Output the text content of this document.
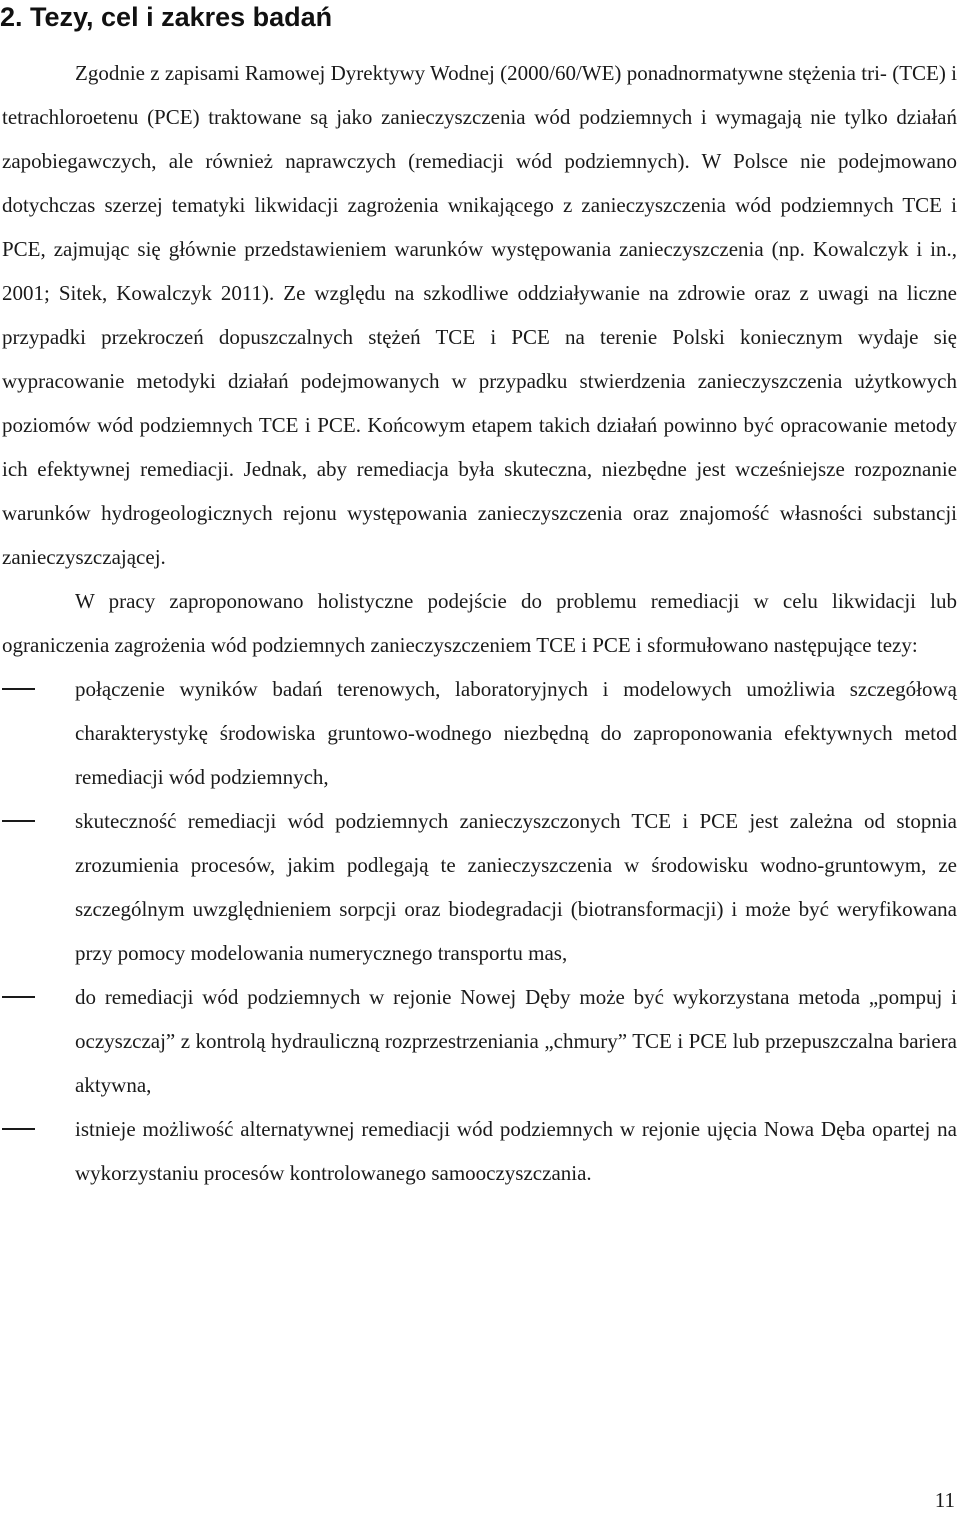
2. Tezy, cel i zakres badań

Zgodnie z zapisami Ramowej Dyrektywy Wodnej (2000/60/WE) ponadnormatywne stężenia tri- (TCE) i tetrachloroetenu (PCE) traktowane są jako zanieczyszczenia wód podziemnych i wymagają nie tylko działań zapobiegawczych, ale również naprawczych (remediacji wód podziemnych). W Polsce nie podejmowano dotychczas szerzej tematyki likwidacji zagrożenia wnikającego z zanieczyszczenia wód podziemnych TCE i PCE, zajmując się głównie przedstawieniem warunków występowania zanieczyszczenia (np. Kowalczyk i in., 2001; Sitek, Kowalczyk 2011). Ze względu na szkodliwe oddziaływanie na zdrowie oraz z uwagi na liczne przypadki przekroczeń dopuszczalnych stężeń TCE i PCE na terenie Polski koniecznym wydaje się wypracowanie metodyki działań podejmowanych w przypadku stwierdzenia zanieczyszczenia użytkowych poziomów wód podziemnych TCE i PCE. Końcowym etapem takich działań powinno być opracowanie metody ich efektywnej remediacji. Jednak, aby remediacja była skuteczna, niezbędne jest wcześniejsze rozpoznanie warunków hydrogeologicznych rejonu występowania zanieczyszczenia oraz znajomość własności substancji zanieczyszczającej.

W pracy zaproponowano holistyczne podejście do problemu remediacji w celu likwidacji lub ograniczenia zagrożenia wód podziemnych zanieczyszczeniem TCE i PCE i sformułowano następujące tezy:

połączenie wyników badań terenowych, laboratoryjnych i modelowych umożliwia szczegółową charakterystykę środowiska gruntowo-wodnego niezbędną do zaproponowania efektywnych metod remediacji wód podziemnych,
skuteczność remediacji wód podziemnych zanieczyszczonych TCE i PCE jest zależna od stopnia zrozumienia procesów, jakim podlegają te zanieczyszczenia w środowisku wodno-gruntowym, ze szczególnym uwzględnieniem sorpcji oraz biodegradacji (biotransformacji) i może być weryfikowana przy pomocy modelowania numerycznego transportu mas,
do remediacji wód podziemnych w rejonie Nowej Dęby może być wykorzystana metoda „pompuj i oczyszczaj” z kontrolą hydrauliczną rozprzestrzeniania „chmury” TCE i PCE lub przepuszczalna bariera aktywna,
istnieje możliwość alternatywnej remediacji wód podziemnych w rejonie ujęcia Nowa Dęba opartej na wykorzystaniu procesów kontrolowanego samooczyszczania.
11
